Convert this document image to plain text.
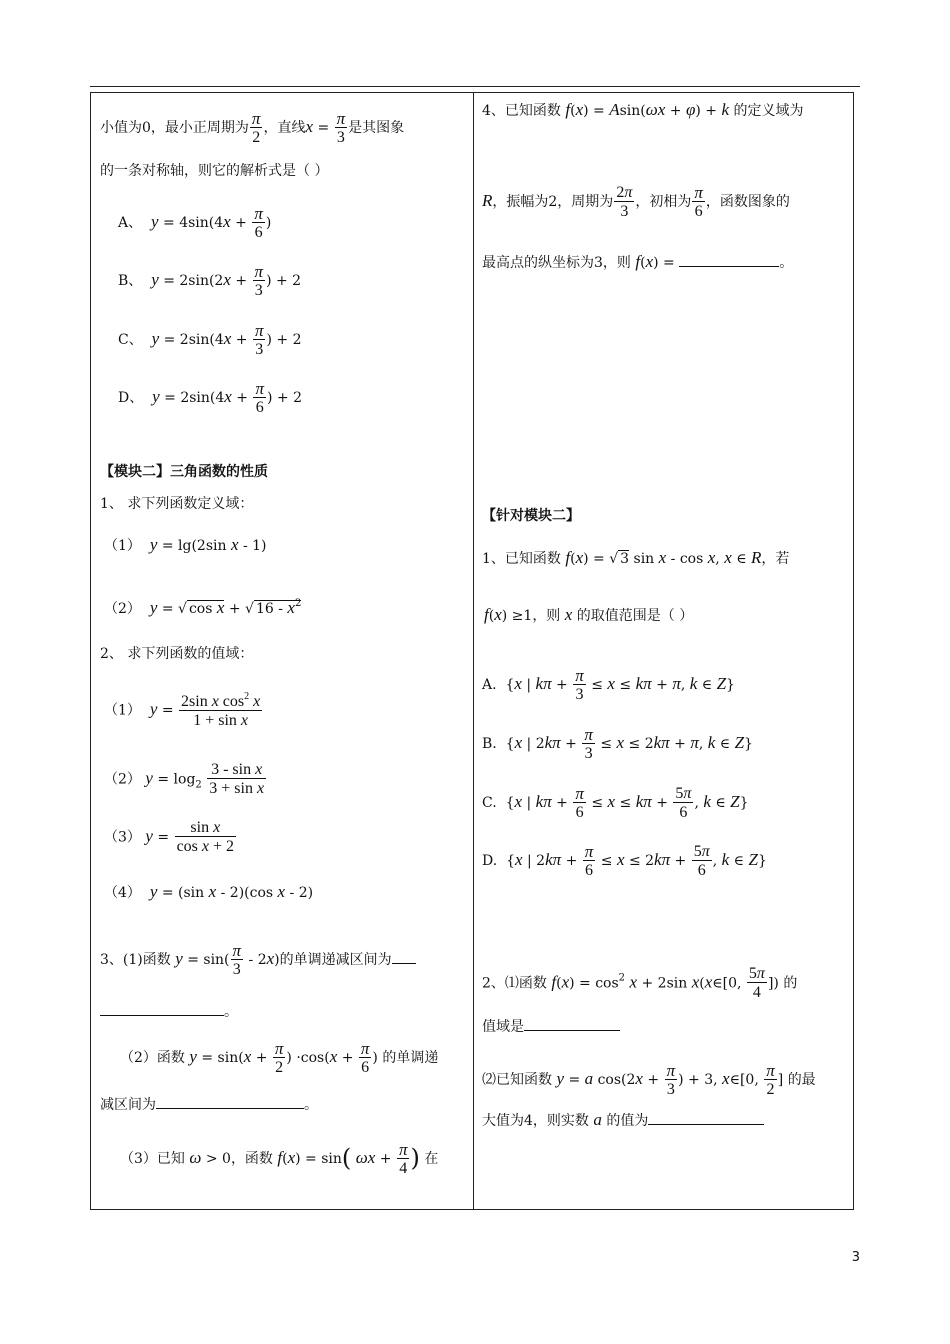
小值为0，最小正周期为 $\frac{\pi}{2}$ ，直线$x = \frac{\pi}{3}$ 是其图象
的一条对称轴，则它的解析式是（ ）
A、 $y = 4\sin(4x + \frac{\pi}{6}$ )
B、 $y = 2\sin(2x + \frac{\pi}{3}$ ) + 2
C、 $y = 2\sin(4x + \frac{\pi}{3}$ ) + 2
D、 $y = 2\sin(4x + \frac{\pi}{6}$ ) + 2
【模块二】三角函数的性质
1、 求下列函数定义域：
（1） y = lg(2sin x - 1)
（2） y = √ cos x + √ $16 - x^2$
2、 求下列函数的值域：
（1） $y = \frac{2\sin x \cos^2 x}{\text{1 + sin x}}$
（2） $y = \log_2 \frac{\text{3 - sin x}}{\text{3 + sin x}}$
（3） $y = \frac{\text{sin x}}{\text{cos x + 2}}$
（4） y = (sin x - 2)(cos x - 2)
3、(1)函数 $y = \sin( \frac{\pi}{3} - 2x)$的单调递减区间为
。
（2）函数 $y = \sin(x + \frac{\pi}{2}$ ) $\cdot\cos(x + \frac{\pi}{6}$ ) 的单调递
减区间为	。
（3）已知 ω > 0，函数 f(x) = sin( $\omega x + \frac{\pi}{4}$ ) 在
4、已知函数 f(x) = Asin(ωx + φ) + k 的定义域为
R，振幅为2，周期为 $\frac{2\pi}{3}$ ，初相为 $\frac{\pi}{6}$ ，函数图象的
最高点的纵坐标为3，则 f(x) =	。
【针对模块二】
1、已知函数 f(x) = √ 3 sin x - cos x, x ∈ R，若
f(x) ≥1，则 x 的取值范围是（ ）
A.  {x | $k\pi + \frac{\pi}{3} \le x \le k\pi + \pi$, k ∈ Z}
B.  {x | $2k\pi + \frac{\pi}{3} \le x \le 2k\pi + \pi$, k ∈ Z}
C.  {x | $k\pi + \frac{\pi}{6} \le x \le k\pi + \frac{5\pi}{6}$ , k ∈ Z}
D.  {x | $2k\pi + \frac{\pi}{6} \le x \le 2k\pi + \frac{5\pi}{6}$ , k ∈ Z}
2、⑴函数 $f(x) = \cos^2 x + 2\sin$ x(x∈[0, $\frac{5\pi}{4}$ ]) 的
值域是
⑵已知函数 y = a $\cos(2x + \frac{\pi}{3}$ ) + 3, x∈[0, $\frac{\pi}{2}$ ] 的最
大值为4，则实数 a 的值为
3
